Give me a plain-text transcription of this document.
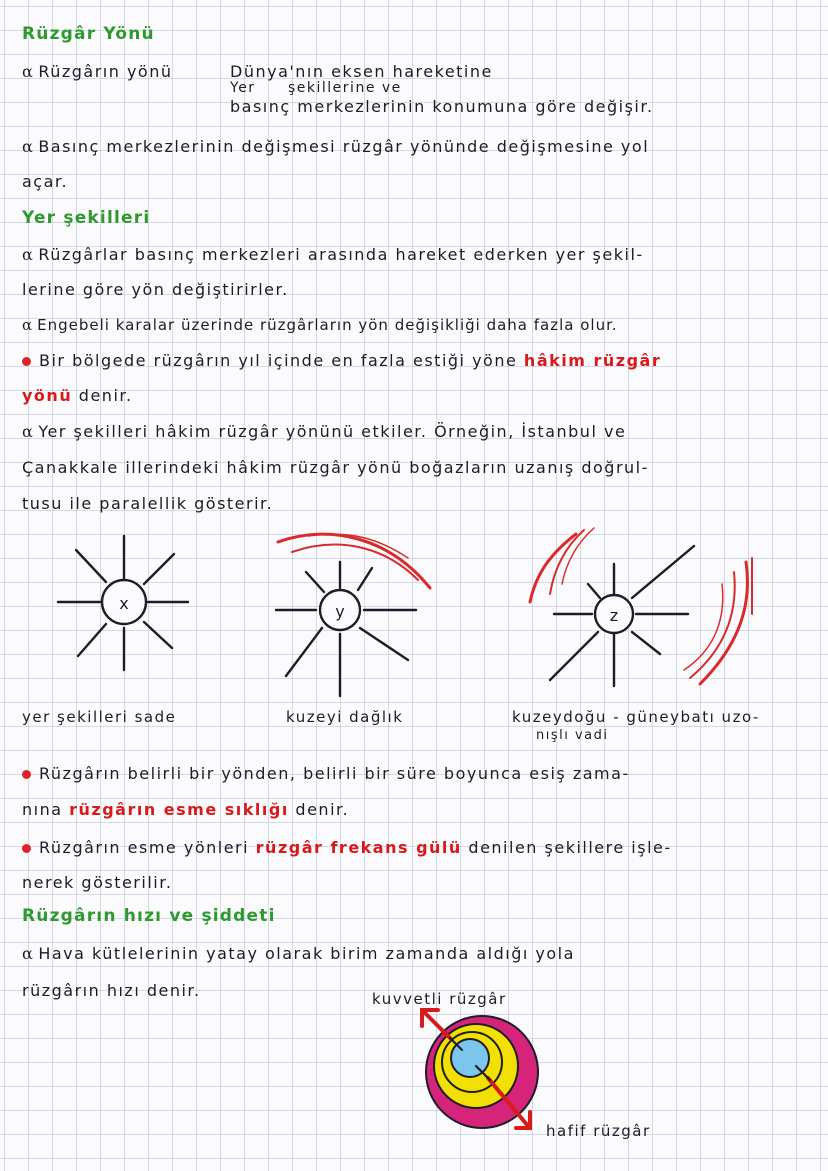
Rüzgâr Yönü
α Rüzgârın yönü	Dünya'nın eksen hareketine
Yer şekillerine ve
basınç merkezlerinin konumuna göre değişir.
α Basınç merkezlerinin değişmesi rüzgâr yönünde değişmesine yol
açar.
Yer şekilleri
α Rüzgârlar basınç merkezleri arasında hareket ederken yer şekil-
lerine göre yön değiştirirler.
α Engebeli karalar üzerinde rüzgârların yön değişikliği daha fazla olur.
Bir bölgede rüzgârın yıl içinde en fazla estiği yöne hâkim rüzgâr
yönü denir.
α Yer şekilleri hâkim rüzgâr yönünü etkiler. Örneğin, İstanbul ve
Çanakkale illerindeki hâkim rüzgâr yönü boğazların uzanış doğrul-
tusu ile paralellik gösterir.
x	y	z
yer şekilleri sade	kuzeyi dağlık	kuzeydoğu - güneybatı uzo-
nışlı vadi
Rüzgârın belirli bir yönden, belirli bir süre boyunca esiş zama-
nına rüzgârın esme sıklığı denir.
Rüzgârın esme yönleri rüzgâr frekans gülü denilen şekillere işle-
nerek gösterilir.
Rüzgârın hızı ve şiddeti
α Hava kütlelerinin yatay olarak birim zamanda aldığı yola
rüzgârın hızı denir.	kuvvetli rüzgâr
hafif rüzgâr
